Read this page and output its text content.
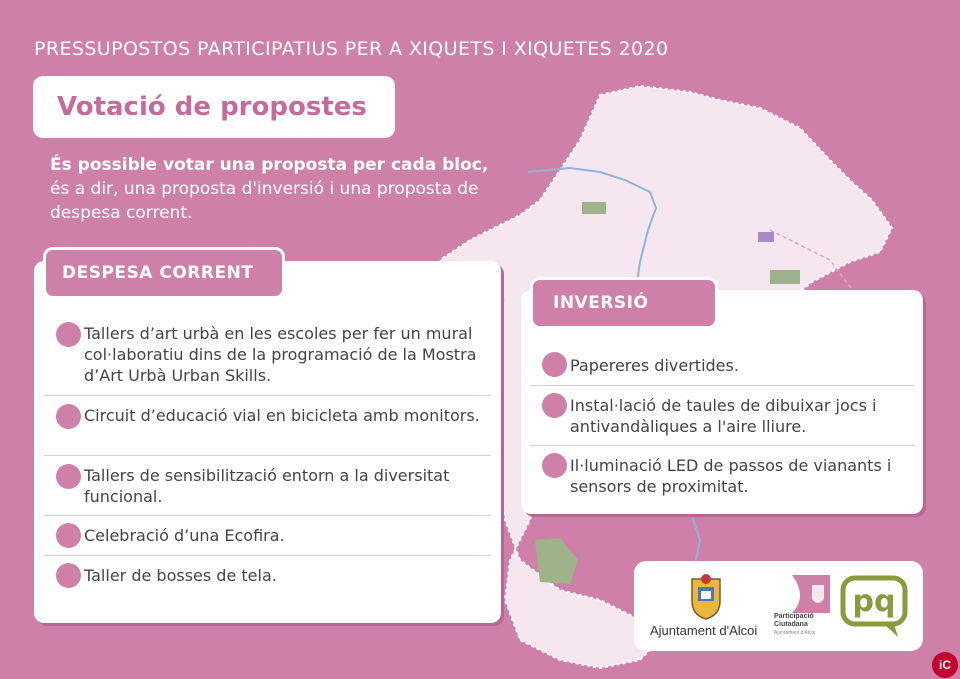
PRESSUPOSTOS PARTICIPATIUS PER A XIQUETS I XIQUETES 2020
Votació de propostes
És possible votar una proposta per cada bloc,
és a dir, una proposta d'inversió i una proposta de despesa corrent.
DESPESA CORRENT
Tallers d’art urbà en les escoles per fer un mural col·laboratiu dins de la programació de la Mostra d’Art Urbà Urban Skills.
Circuit d’educació vial en bicicleta amb monitors.
Tallers de sensibilització entorn a la diversitat funcional.
Celebració d’una Ecofira.
Taller de bosses de tela.
INVERSIÓ
Papereres divertides.
Instal·lació de taules de dibuixar jocs i antivandàliques a l'aire lliure.
Il·luminació LED de passos de vianants i sensors de proximitat.
Ajuntament d'Alcoi
Participació
Ciutadana
Ajuntament d'Alcoi
pq
iC
